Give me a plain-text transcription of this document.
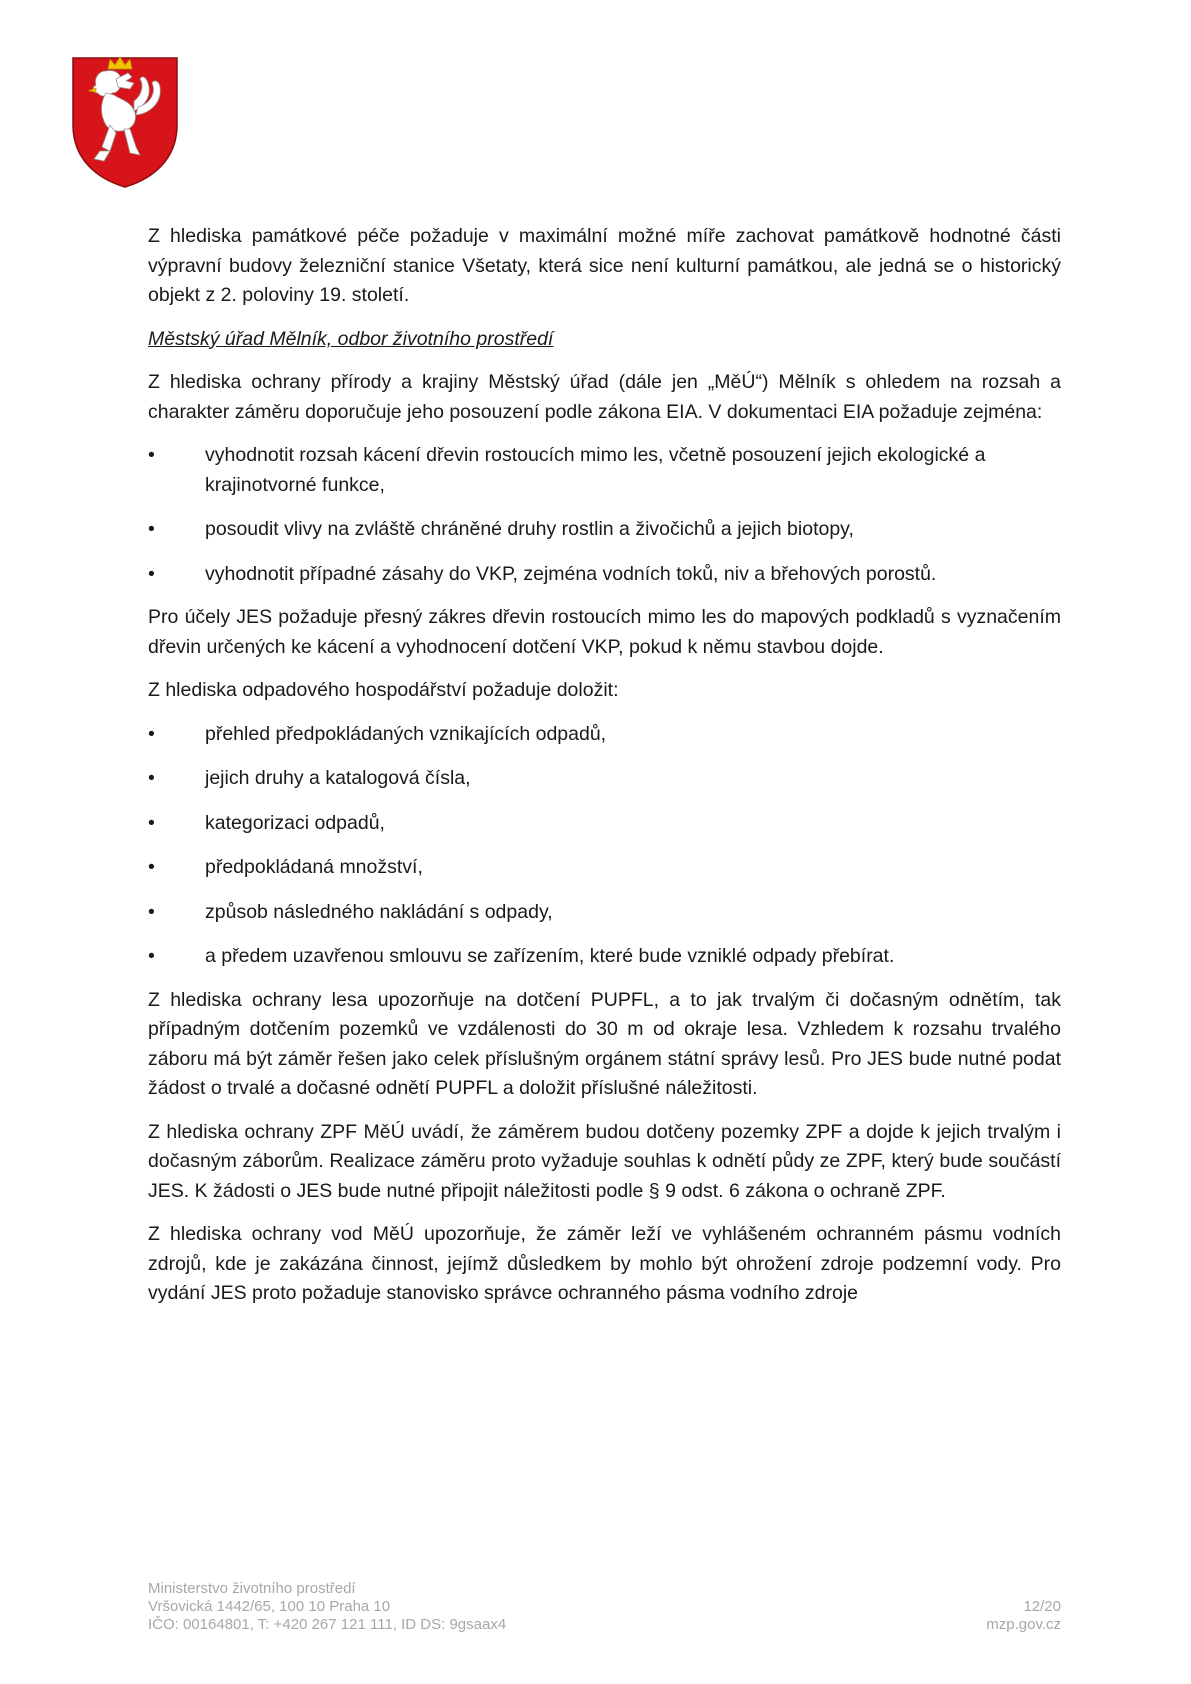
Z hlediska památkové péče požaduje v maximální možné míře zachovat památkově hodnotné části výpravní budovy železniční stanice Všetaty, která sice není kulturní památkou, ale jedná se o historický objekt z 2. poloviny 19. století.

Městský úřad Mělník, odbor životního prostředí

Z hlediska ochrany přírody a krajiny Městský úřad (dále jen „MěÚ“) Mělník s ohledem na rozsah a charakter záměru doporučuje jeho posouzení podle zákona EIA. V dokumentaci EIA požaduje zejména:

•	vyhodnotit rozsah kácení dřevin rostoucích mimo les, včetně posouzení jejich ekologické a krajinotvorné funkce,
•	posoudit vlivy na zvláště chráněné druhy rostlin a živočichů a jejich biotopy,
•	vyhodnotit případné zásahy do VKP, zejména vodních toků, niv a břehových porostů.

Pro účely JES požaduje přesný zákres dřevin rostoucích mimo les do mapových podkladů s vyznačením dřevin určených ke kácení a vyhodnocení dotčení VKP, pokud k němu stavbou dojde.

Z hlediska odpadového hospodářství požaduje doložit:

•	přehled předpokládaných vznikajících odpadů,
•	jejich druhy a katalogová čísla,
•	kategorizaci odpadů,
•	předpokládaná množství,
•	způsob následného nakládání s odpady,
•	a předem uzavřenou smlouvu se zařízením, které bude vzniklé odpady přebírat.

Z hlediska ochrany lesa upozorňuje na dotčení PUPFL, a to jak trvalým či dočasným odnětím, tak případným dotčením pozemků ve vzdálenosti do 30 m od okraje lesa. Vzhledem k rozsahu trvalého záboru má být záměr řešen jako celek příslušným orgánem státní správy lesů. Pro JES bude nutné podat žádost o trvalé a dočasné odnětí PUPFL a doložit příslušné náležitosti.

Z hlediska ochrany ZPF MěÚ uvádí, že záměrem budou dotčeny pozemky ZPF a dojde k jejich trvalým i dočasným záborům. Realizace záměru proto vyžaduje souhlas k odnětí půdy ze ZPF, který bude součástí JES. K žádosti o JES bude nutné připojit náležitosti podle § 9 odst. 6 zákona o ochraně ZPF.

Z hlediska ochrany vod MěÚ upozorňuje, že záměr leží ve vyhlášeném ochranném pásmu vodních zdrojů, kde je zakázána činnost, jejímž důsledkem by mohlo být ohrožení zdroje podzemní vody. Pro vydání JES proto požaduje stanovisko správce ochranného pásma vodního zdroje

Ministerstvo životního prostředí
Vršovická 1442/65, 100 10 Praha 10
IČO: 00164801, T: +420 267 121 111, ID DS: 9gsaax4
12/20
mzp.gov.cz
